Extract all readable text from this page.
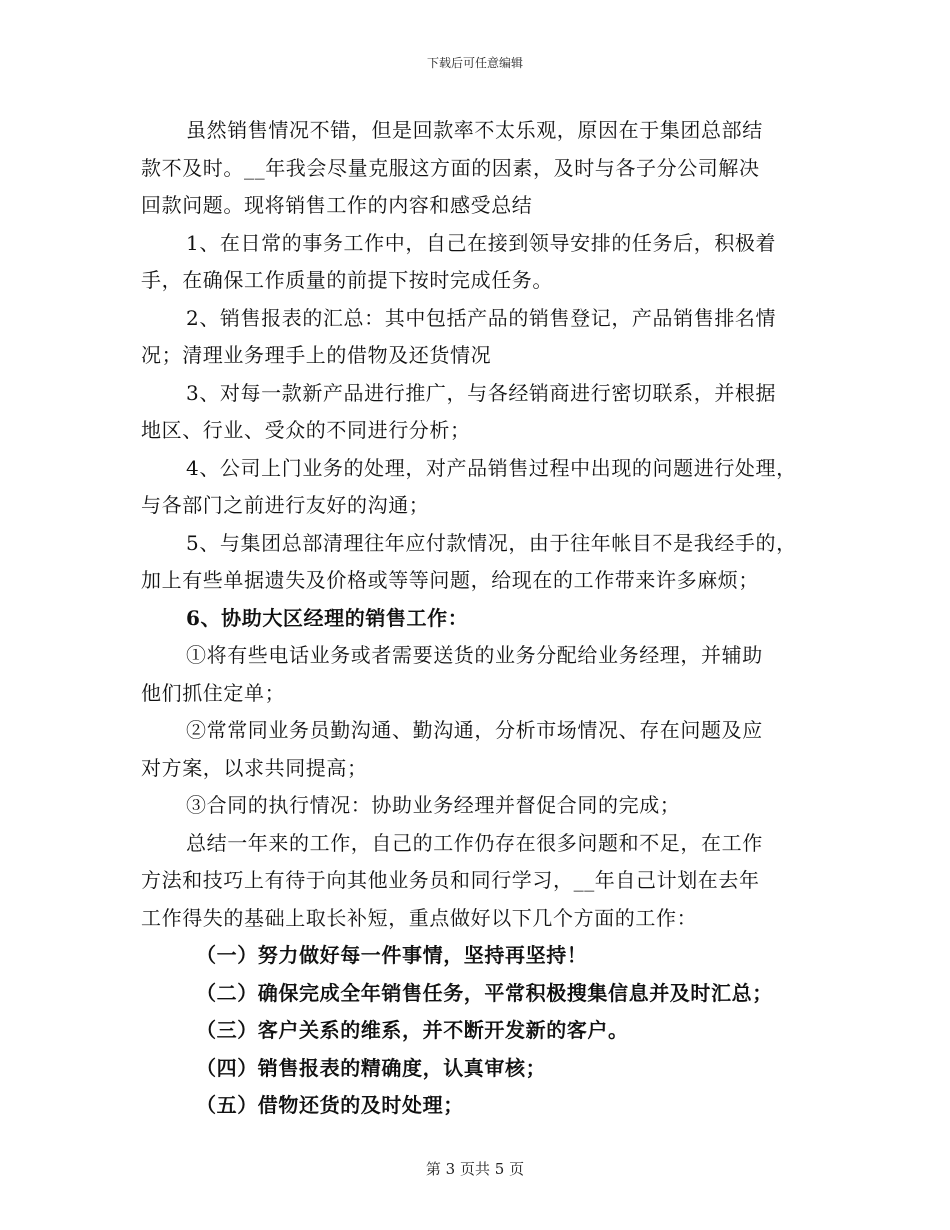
下载后可任意编辑
虽然销售情况不错，但是回款率不太乐观，原因在于集团总部结
款不及时。__年我会尽量克服这方面的因素，及时与各子分公司解决
回款问题。现将销售工作的内容和感受总结
1、在日常的事务工作中，自己在接到领导安排的任务后，积极着
手，在确保工作质量的前提下按时完成任务。
2、销售报表的汇总：其中包括产品的销售登记，产品销售排名情
况；清理业务理手上的借物及还货情况
3、对每一款新产品进行推广，与各经销商进行密切联系，并根据
地区、行业、受众的不同进行分析；
4、公司上门业务的处理，对产品销售过程中出现的问题进行处理，
与各部门之前进行友好的沟通；
5、与集团总部清理往年应付款情况，由于往年帐目不是我经手的，
加上有些单据遗失及价格或等等问题，给现在的工作带来许多麻烦；
6、协助大区经理的销售工作：
①将有些电话业务或者需要送货的业务分配给业务经理，并辅助
他们抓住定单；
②常常同业务员勤沟通、勤沟通，分析市场情况、存在问题及应
对方案，以求共同提高；
③合同的执行情况：协助业务经理并督促合同的完成；
总结一年来的工作，自己的工作仍存在很多问题和不足，在工作
方法和技巧上有待于向其他业务员和同行学习，__年自己计划在去年
工作得失的基础上取长补短，重点做好以下几个方面的工作：
（一）努力做好每一件事情，坚持再坚持！
（二）确保完成全年销售任务，平常积极搜集信息并及时汇总；
（三）客户关系的维系，并不断开发新的客户。
（四）销售报表的精确度，认真审核；
（五）借物还货的及时处理；
第 3 页共 5 页
